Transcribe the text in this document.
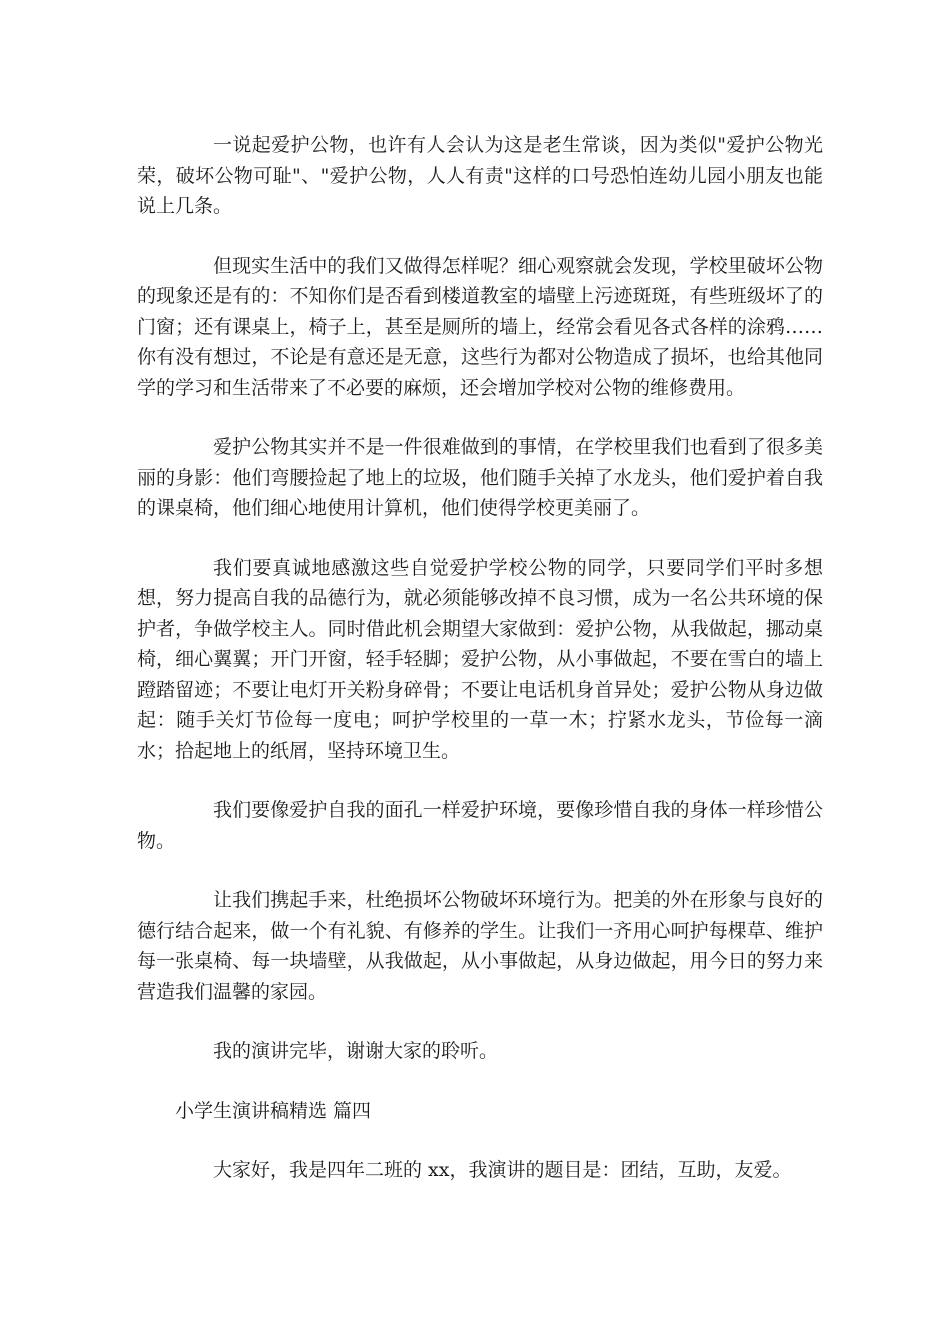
一说起爱护公物，也许有人会认为这是老生常谈，因为类似"爱护公物光荣，破坏公物可耻"、"爱护公物，人人有责"这样的口号恐怕连幼儿园小朋友也能说上几条。

但现实生活中的我们又做得怎样呢？细心观察就会发现，学校里破坏公物的现象还是有的：不知你们是否看到楼道教室的墙壁上污迹斑斑，有些班级坏了的门窗；还有课桌上，椅子上，甚至是厕所的墙上，经常会看见各式各样的涂鸦……你有没有想过，不论是有意还是无意，这些行为都对公物造成了损坏，也给其他同学的学习和生活带来了不必要的麻烦，还会增加学校对公物的维修费用。

爱护公物其实并不是一件很难做到的事情，在学校里我们也看到了很多美丽的身影：他们弯腰捡起了地上的垃圾，他们随手关掉了水龙头，他们爱护着自我的课桌椅，他们细心地使用计算机，他们使得学校更美丽了。

我们要真诚地感激这些自觉爱护学校公物的同学，只要同学们平时多想想，努力提高自我的品德行为，就必须能够改掉不良习惯，成为一名公共环境的保护者，争做学校主人。同时借此机会期望大家做到：爱护公物，从我做起，挪动桌椅，细心翼翼；开门开窗，轻手轻脚；爱护公物，从小事做起，不要在雪白的墙上蹬踏留迹；不要让电灯开关粉身碎骨；不要让电话机身首异处；爱护公物从身边做起：随手关灯节俭每一度电；呵护学校里的一草一木；拧紧水龙头，节俭每一滴水；拾起地上的纸屑，坚持环境卫生。

我们要像爱护自我的面孔一样爱护环境，要像珍惜自我的身体一样珍惜公物。

让我们携起手来，杜绝损坏公物破坏环境行为。把美的外在形象与良好的德行结合起来，做一个有礼貌、有修养的学生。让我们一齐用心呵护每棵草、维护每一张桌椅、每一块墙壁，从我做起，从小事做起，从身边做起，用今日的努力来营造我们温馨的家园。

我的演讲完毕，谢谢大家的聆听。

小学生演讲稿精选 篇四

大家好，我是四年二班的 xx，我演讲的题目是：团结，互助，友爱。
